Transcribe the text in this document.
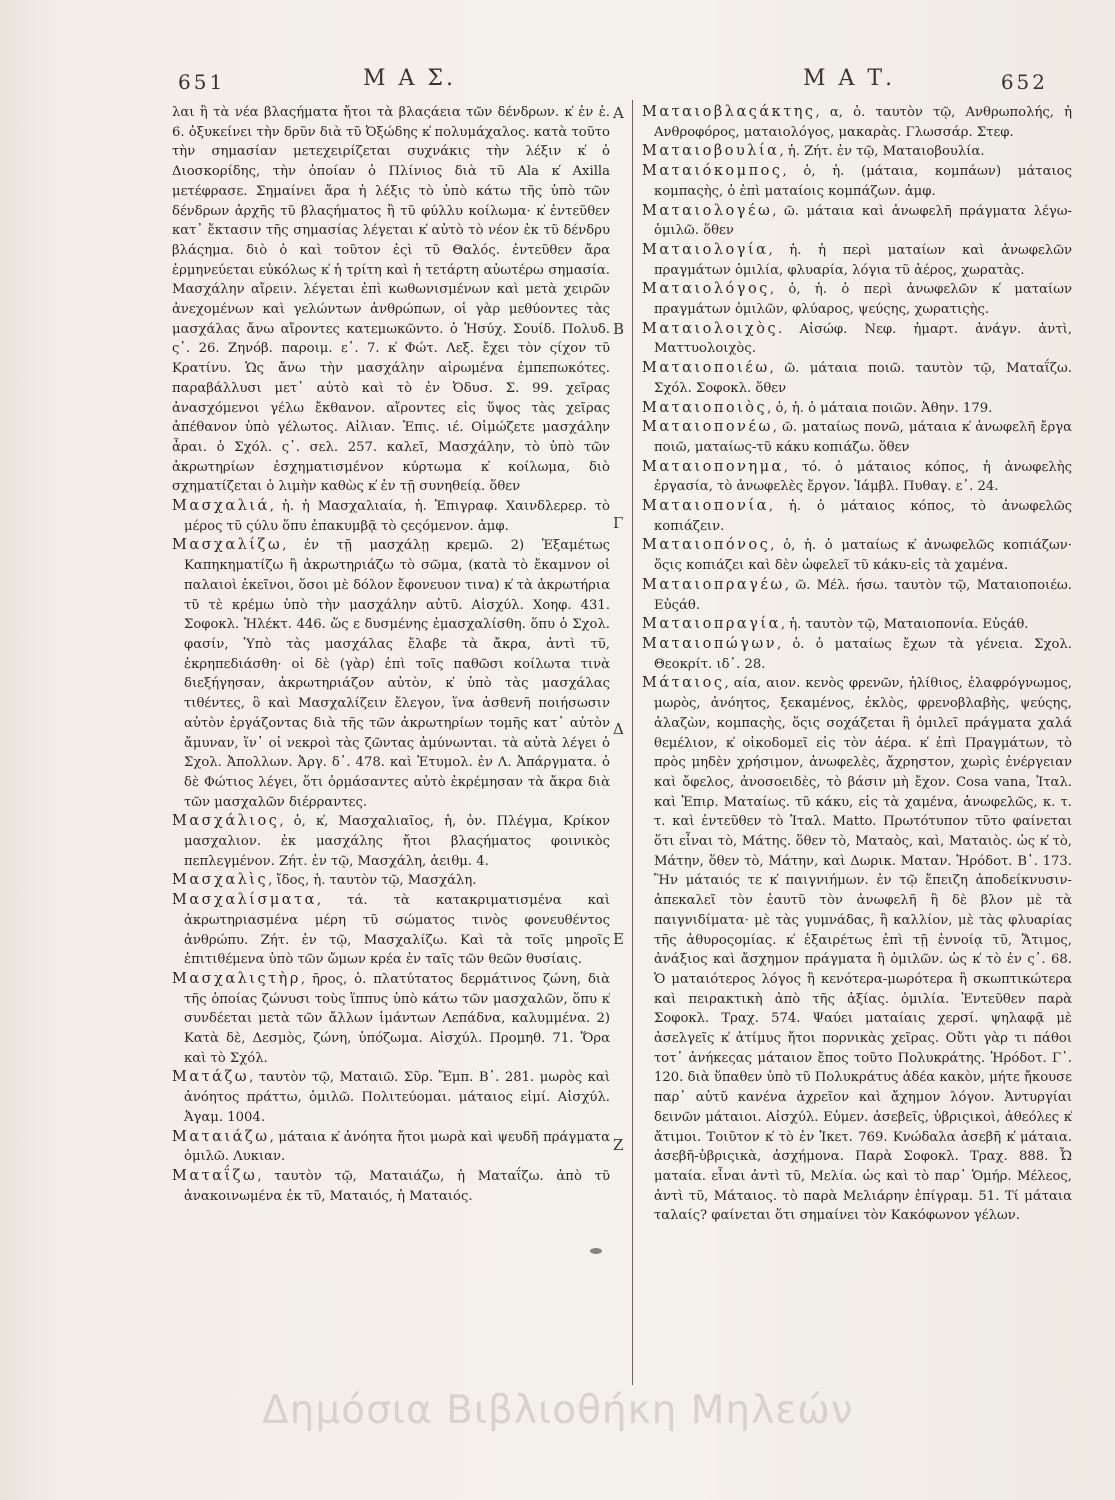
651	Μ Α Σ.	Μ Α Τ.	652

λαι ἢ τὰ νέα βλαςήματα ἤτοι τὰ βλαςάεια τῶν δένδρων. κ̕ ἐν ἑ. 6. ὀξυκείνει τὴν δρῦν διὰ τῦ Ὀξώδης κ̕ πολυμάχαλος. κατὰ τοῦτο τὴν σημασίαν μετεχειρίζεται συχνάκις τὴν λέξιν κ̕ ὁ Διοσκορίδης, τὴν ὁποίαν ὁ Πλίνιος διὰ τῦ Ala κ̕ Axilla μετέφρασε. Σημαίνει ἄρα ἡ λέξις τὸ ὑπὸ κάτω τῆς ὑπὸ τῶν δένδρων ἀρχῆς τῦ βλαςήματος ἢ τῦ φύλλυ κοίλωμα· κ̕ ἐντεῦθεν κατ᾽ ἔκτασιν τῆς σημασίας λέγεται κ̕ αὐτὸ τὸ νέον ἐκ τῦ δένδρυ βλάςημα. διὸ ὁ καὶ τοῦτον ἐςὶ τῦ Θαλός. ἐντεῦθεν ἄρα ἑρμηνεύεται εὐκόλως κ̕ ἡ τρίτη καὶ ἡ τετάρτη αὐωτέρω σημασία. Μασχάλην αἴρειν. λέγεται ἐπὶ κωθωνισμένων καὶ μετὰ χειρῶν ἀνεχομένων καὶ γελώντων ἀνθρώπων, οἱ γὰρ μεθύοντες τὰς μασχάλας ἄνω αἴροντες κατεμωκῶντο. ὁ Ἡσύχ. Σουίδ. Πολυδ. ς᾽. 26. Ζηνόβ. παροιμ. ε᾽. 7. κ̕ Φώτ. Λεξ. ἔχει τὸν ςίχον τῦ Κρατίνυ. Ὡς ἄνω τὴν μασχάλην αἰρωμένα ἐμπεπωκότες. παραβάλλυσι μετ᾽ αὐτὸ καὶ τὸ ἐν Ὀδυσ. Σ. 99. χεῖρας ἀνασχόμενοι γέλω ἔκθανον. αἴροντες εἰς ὕψος τὰς χεῖρας ἀπέθανον ὑπὸ γέλωτος. Αἰλιαν. Ἐπις. ιέ. Οἰμώζετε μασχάλην ἆραι. ὁ Σχόλ. ς᾽. σελ. 257. καλεῖ, Μασχάλην, τὸ ὑπὸ τῶν ἀκρωτηρίων ἐσχηματισμένον κύρτωμα κ̕ κοίλωμα, διὸ σχηματίζεται ὁ λιμὴν καθὼς κ̕ ἐν τῇ συνηθείᾳ. ὅθεν

Μασχαλιά, ἡ. ἡ Μασχαλιαία, ἡ. Ἐπιγραφ. Χαινδλερερ. τὸ μέρος τῦ ςύλυ ὅπυ ἐπακυμβᾷ τὸ ςεςόμενον. ἀμφ.

Μασχαλίζω, ἐν τῇ μασχάλῃ κρεμῶ. 2) Ἐξαμέτως Καπηκηματίζω ἢ ἀκρωτηριάζω τὸ σῶμα, (κατὰ τὸ ἔκαμνον οἱ παλαιοὶ ἐκεῖνοι, ὅσοι μὲ δόλον ἔφονευον τινα) κ̕ τὰ ἀκρωτήρια τῦ τὲ κρέμω ὑπὸ τὴν μασχάλην αὐτῦ. Αἰσχύλ. Χοηφ. 431. Σοφοκλ. Ἠλέκτ. 446. ὥς ε δυσμένης ἐμασχαλίσθη. ὅπυ ὁ Σχολ. φασίν, Ὑπὸ τὰς μασχάλας ἔλαβε τὰ ἄκρα, ἀντὶ τῦ, ἐκρηπεδιάσθη· οἱ δὲ (γὰρ) ἐπὶ τοῖς παθῶσι κοίλωτα τινὰ διεξήγησαν, ἀκρωτηριάζον αὐτὸν, κ̕ ὑπὸ τὰς μασχάλας τιθέντες, ὃ καὶ Μασχαλίζειν ἔλεγον, ἵνα ἀσθενῆ ποιήσωσιν αὐτὸν ἐργάζοντας διὰ τῆς τῶν ἀκρωτηρίων τομῆς κατ᾽ αὐτὸν ἄμυναν, ἵν᾽ οἱ νεκροὶ τὰς ζῶντας ἀμύνωνται. τὰ αὐτὰ λέγει ὁ Σχολ. Ἀπολλων. Ἀργ. δ᾽. 478. καὶ Ἐτυμολ. ἐν Λ. Ἀπάργματα. ὁ δὲ Φώτιος λέγει, ὅτι ὁρμάσαντες αὐτὸ ἐκρέμησαν τὰ ἄκρα διὰ τῶν μασχαλῶν διέρραντες.

Μασχάλιος, ὁ, κ̕, Μασχαλιαῖος, ἡ, ὁν. Πλέγμα, Κρίκον μασχαλιον. ἐκ μασχάλης ἤτοι βλαςήματος φοινικὸς πεπλεγμένον. Ζήτ. ἐν τῷ, Μασχάλη, ἀειθμ. 4.

Μασχαλὶς, ἴδος, ἡ. ταυτὸν τῷ, Μασχάλη.

Μασχαλίσματα, τά. τὰ κατακριματισμένα καὶ ἀκρωτηριασμένα μέρη τῦ σώματος τινὸς φονευθέντος ἀνθρώπυ. Ζήτ. ἐν τῷ, Μασχαλίζω. Καὶ τὰ τοῖς μηροῖς ἐπιτιθέμενα ὑπὸ τῶν ὤμων κρέα ἐν ταῖς τῶν θεῶν θυσίαις.

Μασχαλιςτὴρ, ῆρος, ὁ. πλατύτατος δερμάτινος ζώνη, διὰ τῆς ὁποίας ζώνυσι τοὺς ἵππυς ὑπὸ κάτω τῶν μασχαλῶν, ὅπυ κ̕ συνδέεται μετὰ τῶν ἄλλων ἱμάντων Λεπάδνα, καλυμμένα. 2) Κατὰ δὲ, Δεσμὸς, ζώνη, ὑπόζωμα. Αἰσχύλ. Προμηθ. 71. Ὅρα καὶ τὸ Σχόλ.

Ματάζω, ταυτὸν τῷ, Ματαιῶ. Σῦρ. Ἔμπ. Β᾽. 281. μωρὸς καὶ ἀνόητος πράττω, ὁμιλῶ. Πολιτεύομαι. μάταιος εἰμί. Αἰσχύλ. Ἀγαμ. 1004.

Ματαιάζω, μάταια κ̕ ἀνόητα ἤτοι μωρὰ καὶ ψευδῆ πράγματα ὁμιλῶ. Λυκιαν.

Ματαΐζω, ταυτὸν τῷ, Ματαιάζω, ἡ Ματαΐζω. ἀπὸ τῦ ἀνακοινωμένα ἐκ τῦ, Ματαιός, ἡ Ματαιός.

Α
Β
Γ
Δ
Ε
Ζ

Ματαιοβλαςάκτης, α, ὁ. ταυτὸν τῷ, Ανθρωπολής, ἡ Ανθροφόρος, ματαιολόγος, μακαρὰς. Γλωσσάρ. Στεφ.

Ματαιοβουλία, ἡ. Ζήτ. ἐν τῷ, Ματαιοβουλία.

Ματαιόκομπος, ὁ, ἡ. (μάταια, κομπάων) μάταιος κομπαςὴς, ὁ ἐπὶ ματαίοις κομπάζων. ἀμφ.

Ματαιολογέω, ῶ. μάταια καὶ ἀνωφελῆ πράγματα λέγω-ὁμιλῶ. ὅθεν

Ματαιολογία, ἡ. ἡ περὶ ματαίων καὶ ἀνωφελῶν πραγμάτων ὁμιλία, φλυαρία, λόγια τῦ ἀέρος, χωρατὰς.

Ματαιολόγος, ὁ, ἡ. ὁ περὶ ἀνωφελῶν κ̕ ματαίων πραγμάτων ὁμιλῶν, φλύαρος, ψεύςης, χωρατιςὴς.

Ματαιολοιχὸς. Αἰσώφ. Νεφ. ἡμαρτ. ἀνάγν. ἀντὶ, Ματτυολοιχὸς.

Ματαιοποιέω, ῶ. μάταια ποιῶ. ταυτὸν τῷ, Ματαΐζω. Σχόλ. Σοφοκλ. ὅθεν

Ματαιοποιὸς, ὁ, ἡ. ὁ μάταια ποιῶν. Ἀθην. 179.

Ματαιοπονέω, ῶ. ματαίως πονῶ, μάταια κ̕ ἀνωφελῆ ἔργα ποιῶ, ματαίως-τῦ κάκυ κοπιάζω. ὅθεν

Ματαιοπονημα, τό. ὁ μάταιος κόπος, ἡ ἀνωφελὴς ἐργασία, τὸ ἀνωφελὲς ἔργον. Ἰάμβλ. Πυθαγ. ε᾽. 24.

Ματαιοπονία, ἡ. ὁ μάταιος κόπος, τὸ ἀνωφελῶς κοπιάζειν.

Ματαιοπόνος, ὁ, ἡ. ὁ ματαίως κ̕ ἀνωφελῶς κοπιάζων· ὅςις κοπιάζει καὶ δὲν ὠφελεῖ τῦ κάκυ-εἰς τὰ χαμένα.

Ματαιοπραγέω, ῶ. Μέλ. ήσω. ταυτὸν τῷ, Ματαιοποιέω. Εὐςάθ.

Ματαιοπραγία, ἡ. ταυτὸν τῷ, Ματαιοπονία. Εὐςάθ.

Ματαιοπώγων, ὁ. ὁ ματαίως ἔχων τὰ γένεια. Σχολ. Θεοκρίτ. ιδ᾽. 28.

Μάταιος, αία, αιον. κενὸς φρενῶν, ἠλίθιος, ἐλαφρόγνωμος, μωρὸς, ἀνόητος, ξεκαμένος, ἐκλὸς, φρενοβλαβὴς, ψεύςης, ἀλαζὼν, κομπαςὴς, ὅςις σοχάζεται ἢ ὁμιλεῖ πράγματα χαλά θεμέλιον, κ̕ οἰκοδομεῖ εἰς τὸν ἀέρα. κ̕ ἐπὶ Πραγμάτων, τὸ πρὸς μηδὲν χρήσιμον, ἀνωφελὲς, ἄχρηστον, χωρὶς ἐνέργειαν καὶ ὄφελος, ἀνοσοειδὲς, τὸ βάσιν μὴ ἔχον. Cosa vana, Ἰταλ. καὶ Ἐπιρ. Ματαίως. τῦ κάκυ, εἰς τὰ χαμένα, ἀνωφελῶς, κ. τ. τ. καὶ ἐντεῦθεν τὸ Ἰταλ. Matto. Πρωτότυπον τῦτο φαίνεται ὅτι εἶναι τὸ, Μάτης. ὅθεν τὸ, Ματαὸς, καὶ, Ματαιὸς. ὡς κ̕ τὸ, Μάτην, ὅθεν τὸ, Μάτην, καὶ Δωρικ. Ματαν. Ἡρόδοτ. Β᾽. 173. Ἢν μάταιός τε κ̕ παιγνιήμων. ἐν τῷ ἔπειζη ἀποδείκνυσιν-ἀπεκαλεῖ τὸν ἑαυτῦ τὸν ἀνωφελῆ ἢ δὲ βλον μὲ τὰ παιγνιδίματα· μὲ τὰς γυμνάδας, ἢ καλλίον, μὲ τὰς φλυαρίας τῆς ἀθυροςομίας. κ̕ ἐξαιρέτως ἐπὶ τῇ ἐννοίᾳ τῦ, Ἄτιμος, ἀνάξιος καὶ ἄσχημον πράγματα ἢ ὁμιλῶν. ὡς κ̕ τὸ ἐν ς᾽. 68. Ὁ ματαιότερος λόγος ἢ κενότερα-μωρότερα ἢ σκωπτικώτερα καὶ πειρακτικὴ ἀπὸ τῆς ἀξίας. ὁμιλία. Ἐντεῦθεν παρὰ Σοφοκλ. Τραχ. 574. Ψαύει ματαίαις χερσί. ψηλαφᾷ μὲ ἀσελγεῖς κ̕ ἀτίμυς ἤτοι πορνικὰς χεῖρας. Οὔτι γὰρ τι πάθοι τοτ᾽ ἀνήκεςας μάταιον ἔπος τοῦτο Πολυκράτης. Ἡρόδοτ. Γ᾽. 120. διὰ ὕπαθεν ὑπὸ τῦ Πολυκράτυς ἀδέα κακὸν, μήτε ἤκουσε παρ᾽ αὐτῦ κανένα ἀχρεῖον καὶ ἄχημον λόγον. Ἀντυργίαι δεινῶν μάταιοι. Αἰσχύλ. Εὐμεν. ἀσεβεῖς, ὑβριςικοὶ, ἀθεόλες κ̕ ἄτιμοι. Τοιῦτον κ̕ τὸ ἐν Ἱκετ. 769. Κνώδαλα ἀσεβῆ κ̕ μάταια. ἀσεβῆ-ὑβριςικὰ, ἀσχήμονα. Παρὰ Σοφοκλ. Τραχ. 888. Ὦ ματαία. εἶναι ἀντὶ τῦ, Μελία. ὡς καὶ τὸ παρ᾽ Ὁμήρ. Μέλεος, ἀντὶ τῦ, Μάταιος. τὸ παρὰ Μελιάρην ἐπίγραμ. 51. Τί μάταια ταλαίς? φαίνεται ὅτι σημαίνει τὸν Κακόφωνον γέλων.

Δημόσια Βιβλιοθήκη Μηλεών
